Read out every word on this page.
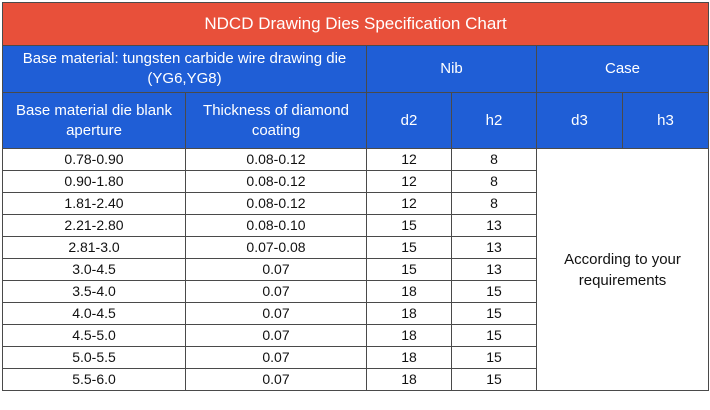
NDCD Drawing Dies Specification Chart					
Base material: tungsten carbide wire drawing die (YG6,YG8)		Nib		Case	
Base material die blank aperture	Thickness of diamond coating	d2	h2	d3	h3
0.78-0.90	0.08-0.12	12	8	According to your requirements	
0.90-1.80	0.08-0.12	12	8		
1.81-2.40	0.08-0.12	12	8		
2.21-2.80	0.08-0.10	15	13		
2.81-3.0	0.07-0.08	15	13		
3.0-4.5	0.07	15	13		
3.5-4.0	0.07	18	15		
4.0-4.5	0.07	18	15		
4.5-5.0	0.07	18	15		
5.0-5.5	0.07	18	15		
5.5-6.0	0.07	18	15		
